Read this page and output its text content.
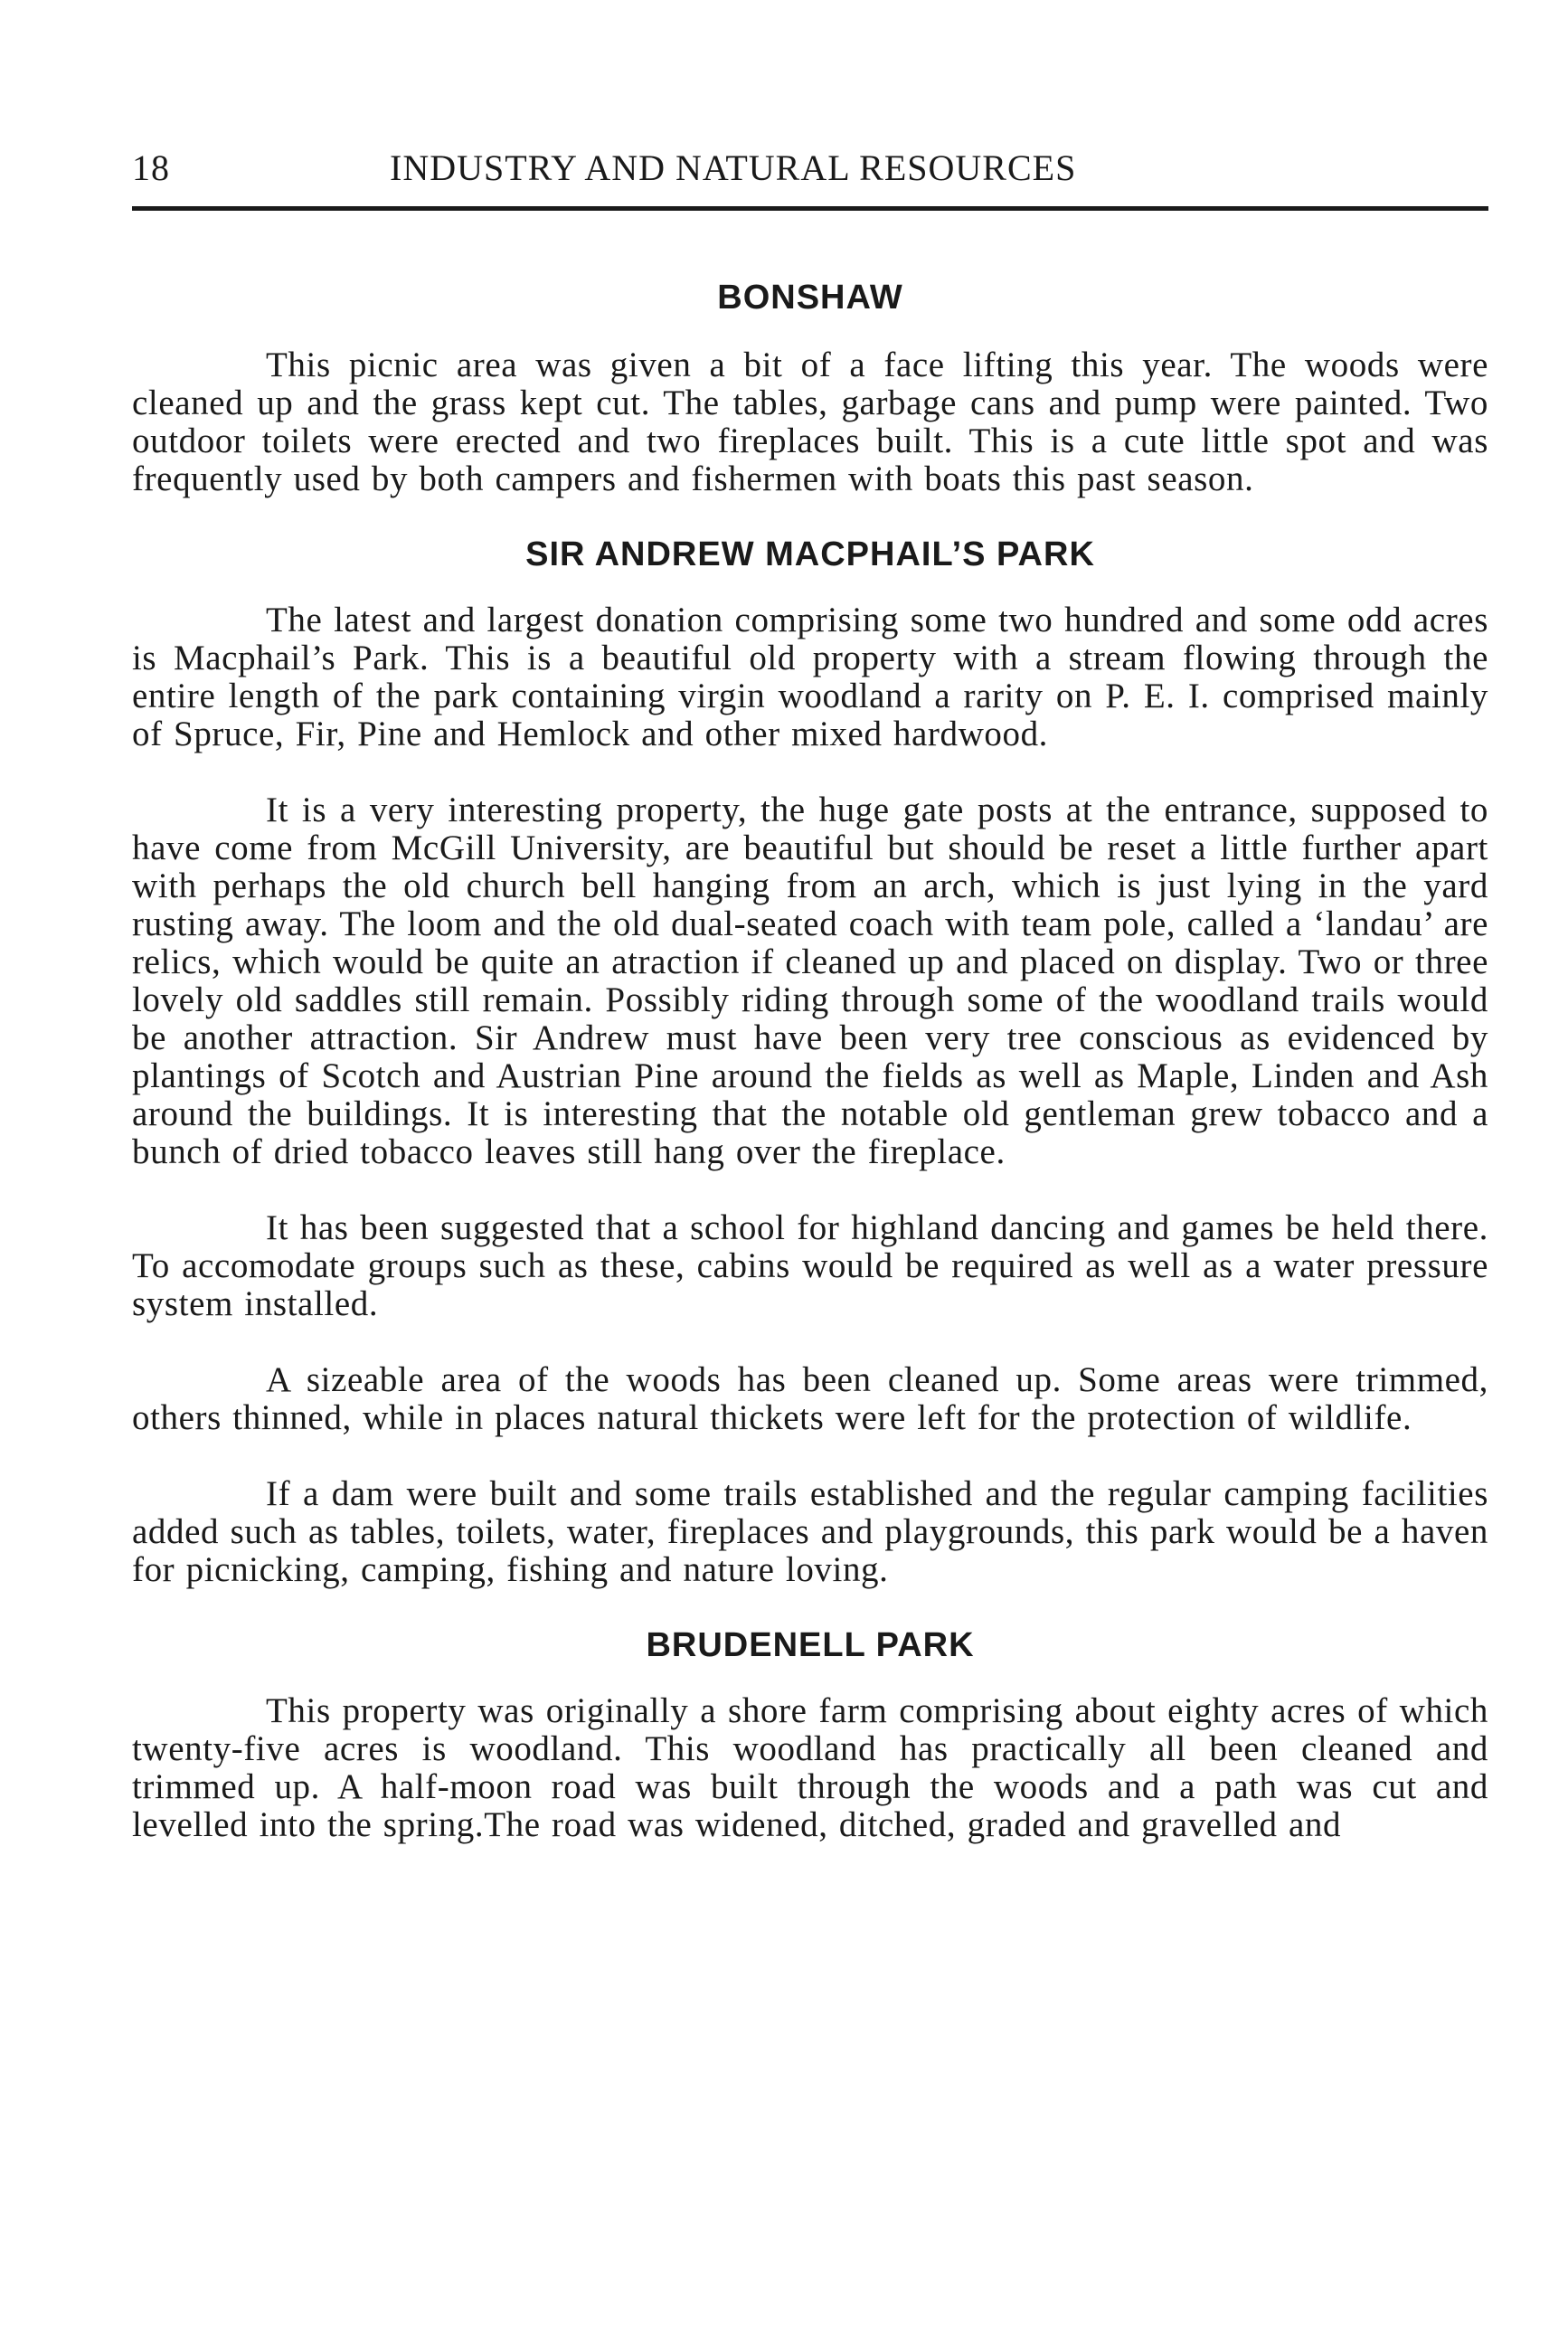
18	INDUSTRY AND NATURAL RESOURCES
BONSHAW

This picnic area was given a bit of a face lifting this year. The woods were cleaned up and the grass kept cut. The tables, garbage cans and pump were painted. Two outdoor toilets were erected and two fireplaces built. This is a cute little spot and was frequently used by both campers and fishermen with boats this past season.

SIR ANDREW MACPHAIL’S PARK

The latest and largest donation comprising some two hundred and some odd acres is Macphail’s Park. This is a beautiful old property with a stream flowing through the entire length of the park containing virgin woodland a rarity on P. E. I. comprised mainly of Spruce, Fir, Pine and Hemlock and other mixed hardwood.

It is a very interesting property, the huge gate posts at the entrance, supposed to have come from McGill University, are beautiful but should be reset a little further apart with perhaps the old church bell hanging from an arch, which is just lying in the yard rusting away. The loom and the old dual-seated coach with team pole, called a ‘landau’ are relics, which would be quite an atraction if cleaned up and placed on display. Two or three lovely old saddles still remain. Possibly riding through some of the woodland trails would be another attraction. Sir Andrew must have been very tree conscious as evidenced by plantings of Scotch and Austrian Pine around the fields as well as Maple, Linden and Ash around the buildings. It is interesting that the notable old gentleman grew tobacco and a bunch of dried tobacco leaves still hang over the fireplace.

It has been suggested that a school for highland dancing and games be held there. To accomodate groups such as these, cabins would be required as well as a water pressure system installed.

A sizeable area of the woods has been cleaned up. Some areas were trimmed, others thinned, while in places natural thickets were left for the protection of wildlife.

If a dam were built and some trails established and the regular camping facilities added such as tables, toilets, water, fireplaces and playgrounds, this park would be a haven for picnicking, camping, fishing and nature loving.

BRUDENELL PARK

This property was originally a shore farm comprising about eighty acres of which twenty-five acres is woodland. This woodland has practically all been cleaned and trimmed up. A half-moon road was built through the woods and a path was cut and levelled into the spring.The road was widened, ditched, graded and gravelled and
